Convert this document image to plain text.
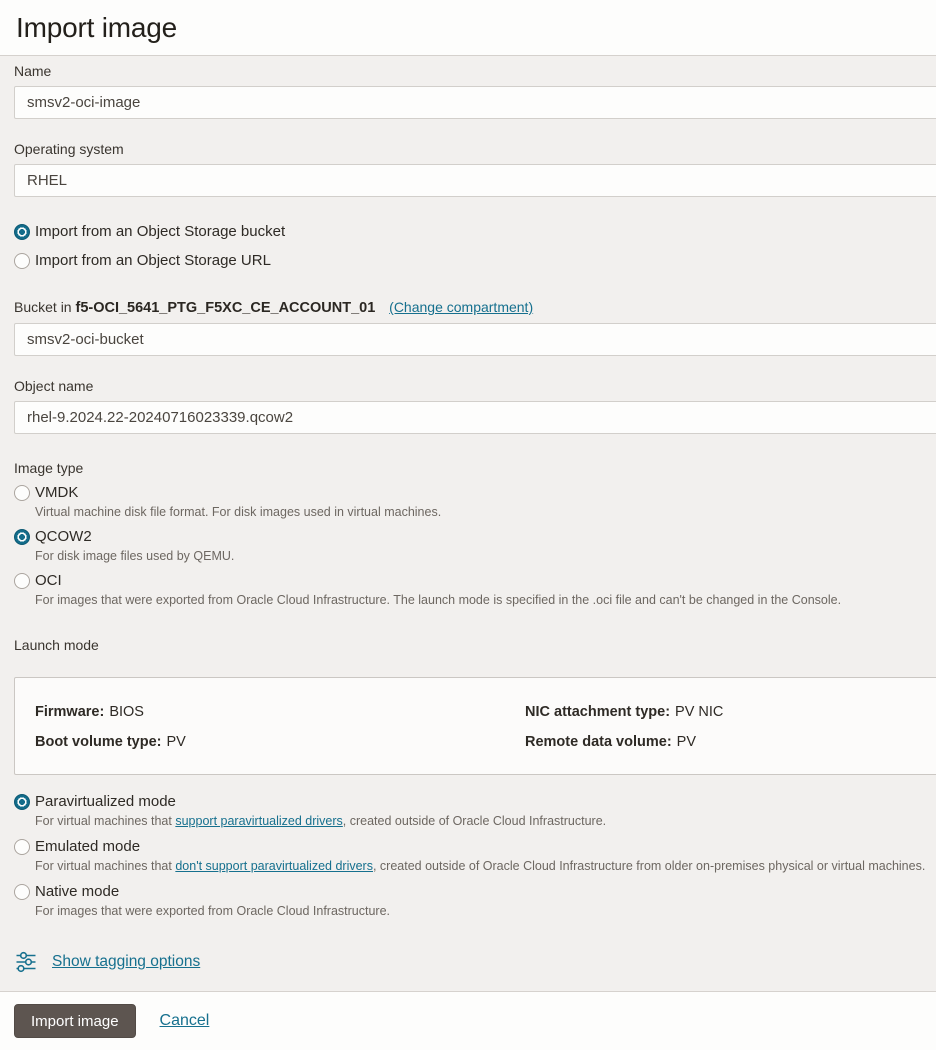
Import image
Name
smsv2-oci-image
Operating system
RHEL
Import from an Object Storage bucket
Import from an Object Storage URL
Bucket in f5-OCI_5641_PTG_F5XC_CE_ACCOUNT_01 (Change compartment)
smsv2-oci-bucket
Object name
rhel-9.2024.22-20240716023339.qcow2
Image type
VMDK
Virtual machine disk file format. For disk images used in virtual machines.
QCOW2
For disk image files used by QEMU.
OCI
For images that were exported from Oracle Cloud Infrastructure. The launch mode is specified in the .oci file and can't be changed in the Console.
Launch mode
Firmware: BIOS	NIC attachment type: PV NIC
Boot volume type: PV	Remote data volume: PV
Paravirtualized mode
For virtual machines that support paravirtualized drivers, created outside of Oracle Cloud Infrastructure.
Emulated mode
For virtual machines that don't support paravirtualized drivers, created outside of Oracle Cloud Infrastructure from older on-premises physical or virtual machines.
Native mode
For images that were exported from Oracle Cloud Infrastructure.
Show tagging options
Import image	Cancel
